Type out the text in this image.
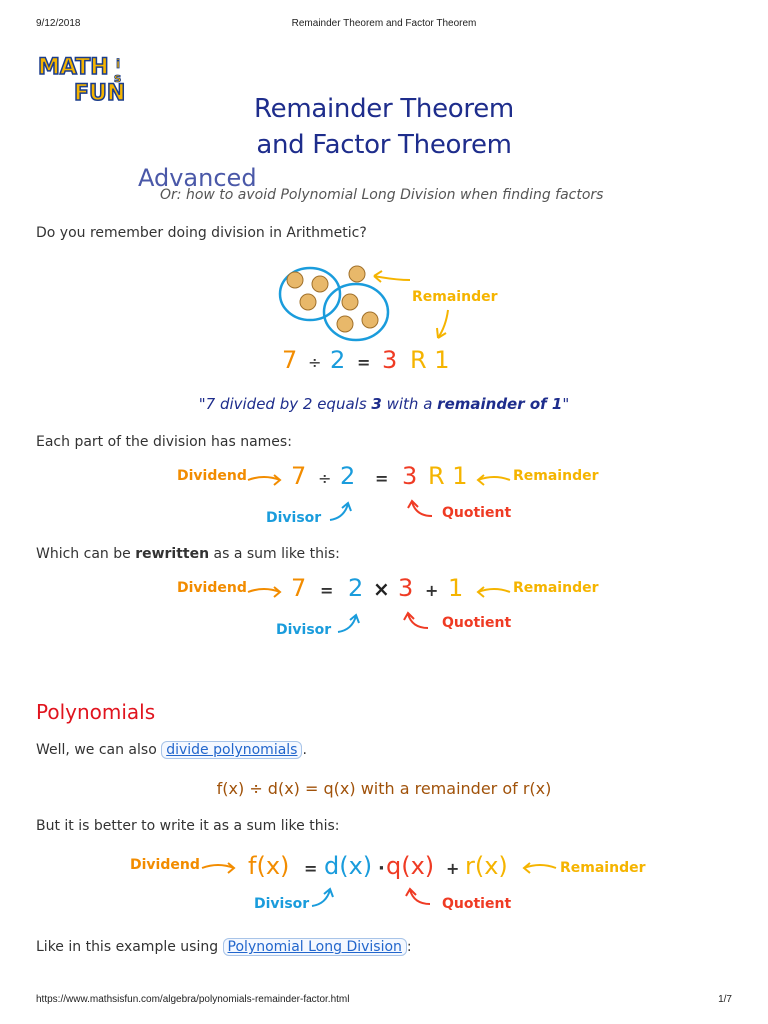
9/12/2018	Remainder Theorem and Factor Theorem
MATH i
s
FUN
Remainder Theorem
and Factor Theorem
Advanced
Or: how to avoid Polynomial Long Division when finding factors
Do you remember doing division in Arithmetic?
Remainder
7 ÷ 2 = 3 R 1
"7 divided by 2 equals 3 with a remainder of 1"
Each part of the division has names:
Dividend 7 ÷ 2 = 3 R 1	Remainder
Divisor	Quotient
Which can be rewritten as a sum like this:
Dividend 7 = 2 × 3 + 1	Remainder
Divisor	Quotient
Polynomials
Well, we can also divide polynomials .
f(x) ÷ d(x) = q(x) with a remainder of r(x)
But it is better to write it as a sum like this:
Dividend f(x) = d(x) · q(x) + r(x)	Remainder
Divisor	Quotient
Like in this example using Polynomial Long Division :
https://www.mathsisfun.com/algebra/polynomials-remainder-factor.html	1/7
